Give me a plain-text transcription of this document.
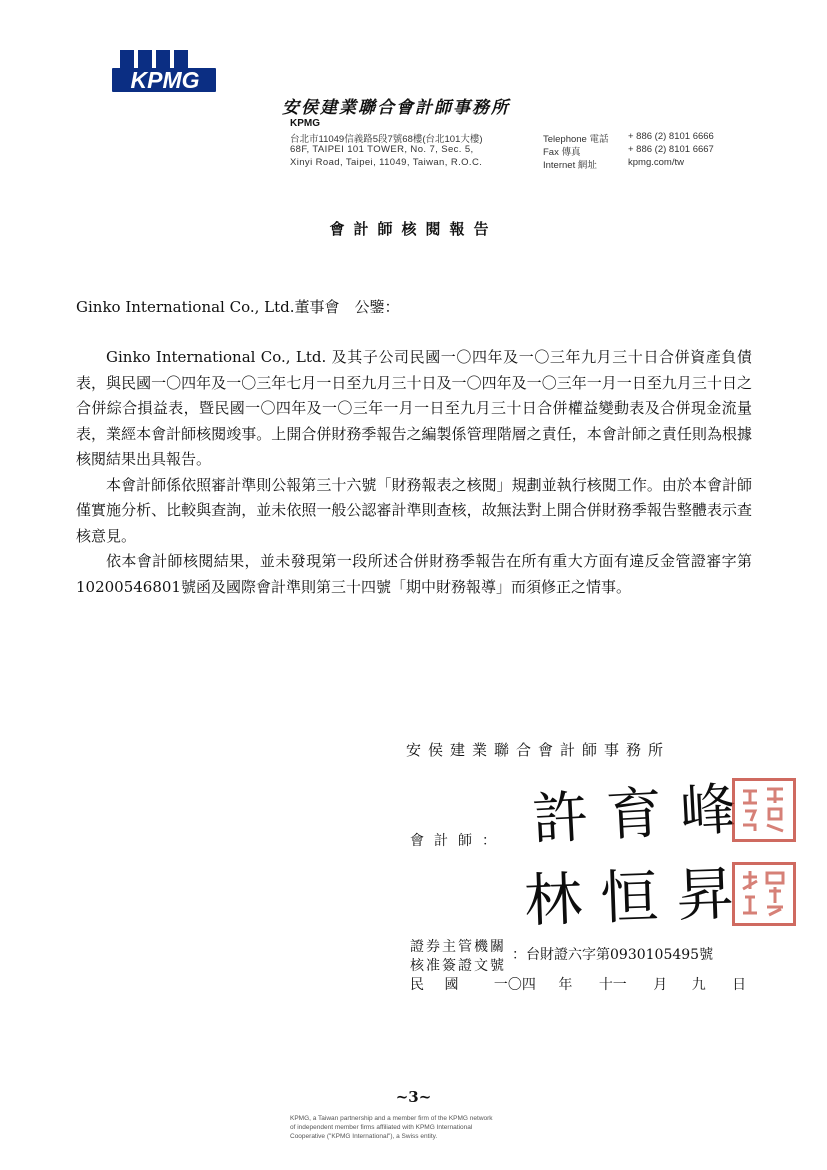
KPMG
安侯建業聯合會計師事務所
KPMG
台北市11049信義路5段7號68樓(台北101大樓)
68F, TAIPEI 101 TOWER, No. 7, Sec. 5,
Xinyi Road, Taipei, 11049, Taiwan, R.O.C.
Telephone 電話 + 886 (2) 8101 6666
Fax 傳真	+ 886 (2) 8101 6667
Internet 網址	kpmg.com/tw
會計師核閱報告
Ginko International Co., Ltd.董事會　公鑒：

Ginko International Co., Ltd. 及其子公司民國一〇四年及一〇三年九月三十日合併資產負債表，與民國一〇四年及一〇三年七月一日至九月三十日及一〇四年及一〇三年一月一日至九月三十日之合併綜合損益表，暨民國一〇四年及一〇三年一月一日至九月三十日合併權益變動表及合併現金流量表，業經本會計師核閱竣事。上開合併財務季報告之編製係管理階層之責任，本會計師之責任則為根據核閱結果出具報告。

本會計師係依照審計準則公報第三十六號「財務報表之核閱」規劃並執行核閱工作。由於本會計師僅實施分析、比較與查詢，並未依照一般公認審計準則查核，故無法對上開合併財務季報告整體表示查核意見。

依本會計師核閱結果，並未發現第一段所述合併財務季報告在所有重大方面有違反金管證審字第10200546801號函及國際會計準則第三十四號「期中財務報導」而須修正之情事。

安侯建業聯合會計師事務所
會計師： 許育峰
林恒昇
證券主管機關
核准簽證文號
：台財證六字第0930105495號
民 國	一〇四 年 十一 月 九 日
~3~
KPMG, a Taiwan partnership and a member firm of the KPMG network
of independent member firms affiliated with KPMG International
Cooperative ("KPMG International"), a Swiss entity.
